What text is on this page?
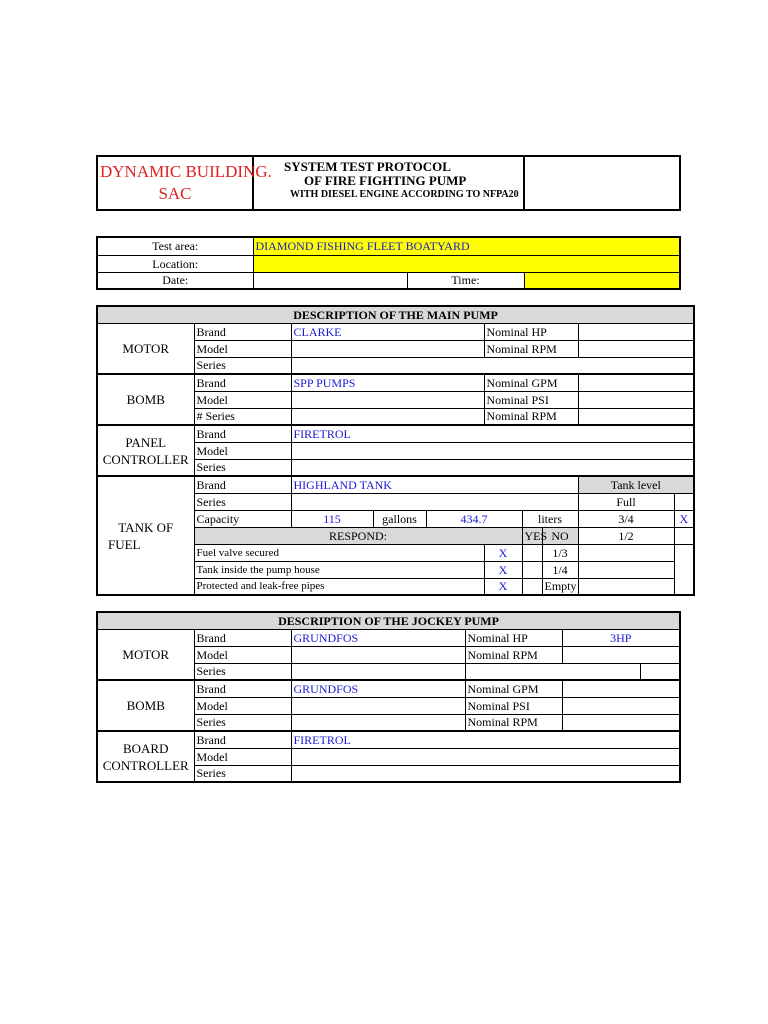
DYNAMIC BUILDING.
SAC

SYSTEM TEST PROTOCOL
OF FIRE FIGHTING PUMP
WITH DIESEL ENGINE ACCORDING TO NFPA20

Test area:	DIAMOND FISHING FLEET BOATYARD		
Location:			
Date:		Time:	
DESCRIPTION OF THE MAIN PUMP									
MOTOR	Brand	CLARKE			Nominal HP				
	Model				Nominal RPM				
	Series								
BOMB	Brand	SPP PUMPS			Nominal GPM				
	Model				Nominal PSI				
	# Series				Nominal RPM				

PANEL
CONTROLLER	Brand	FIRETROL							
	Model								
	Series								

TANK OF
FUEL	Brand	HIGHLAND TANK						Tank level	
	Series							Full	
	Capacity	115	gallons	434.7		liters		3/4	X
	RESPOND:					YES	NO	1/2	
	Fuel valve secured				X		1/3		
	Tank inside the pump house				X		1/4		
	Protected and leak-free pipes				X		Empty		
DESCRIPTION OF THE JOCKEY PUMP					
MOTOR	Brand	GRUNDFOS	Nominal HP	3HP	
	Model		Nominal RPM		
	Series				
BOMB	Brand	GRUNDFOS	Nominal GPM		
	Model		Nominal PSI		
	Series		Nominal RPM		

BOARD
CONTROLLER	Brand	FIRETROL			
	Model				
	Series				
